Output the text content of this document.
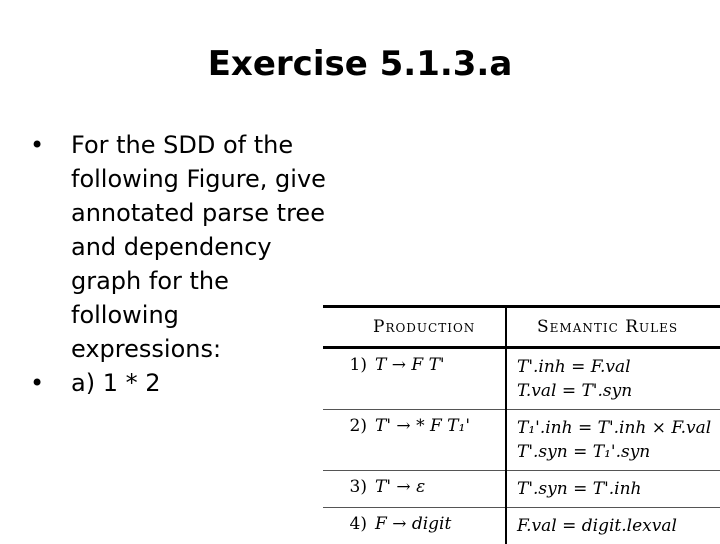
Exercise 5.1.3.a
•	For the SDD of the
following Figure, give
annotated parse tree
and dependency
graph for the
following
expressions:
•	a) 1 * 2
Production		Semantic Rules
1)	T → F T'	T'.inh = F.val
T.val = T'.syn

2)	T' → * F T₁'	T₁'.inh = T'.inh × F.val
T'.syn = T₁'.syn

3)	T' → ε	T'.syn = T'.inh

4)	F → digit	F.val = digit.lexval
